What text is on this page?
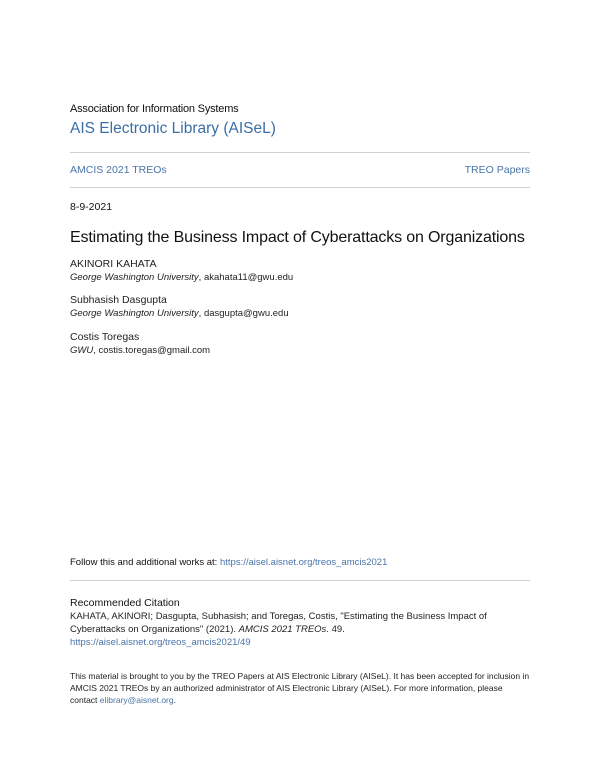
Association for Information Systems
AIS Electronic Library (AISeL)
AMCIS 2021 TREOs	TREO Papers
8-9-2021
Estimating the Business Impact of Cyberattacks on Organizations
AKINORI KAHATA
George Washington University, akahata11@gwu.edu
Subhasish Dasgupta
George Washington University, dasgupta@gwu.edu
Costis Toregas
GWU, costis.toregas@gmail.com
Follow this and additional works at: https://aisel.aisnet.org/treos_amcis2021
Recommended Citation
KAHATA, AKINORI; Dasgupta, Subhasish; and Toregas, Costis, "Estimating the Business Impact of Cyberattacks on Organizations" (2021). AMCIS 2021 TREOs. 49.
https://aisel.aisnet.org/treos_amcis2021/49
This material is brought to you by the TREO Papers at AIS Electronic Library (AISeL). It has been accepted for inclusion in AMCIS 2021 TREOs by an authorized administrator of AIS Electronic Library (AISeL). For more information, please contact elibrary@aisnet.org.
